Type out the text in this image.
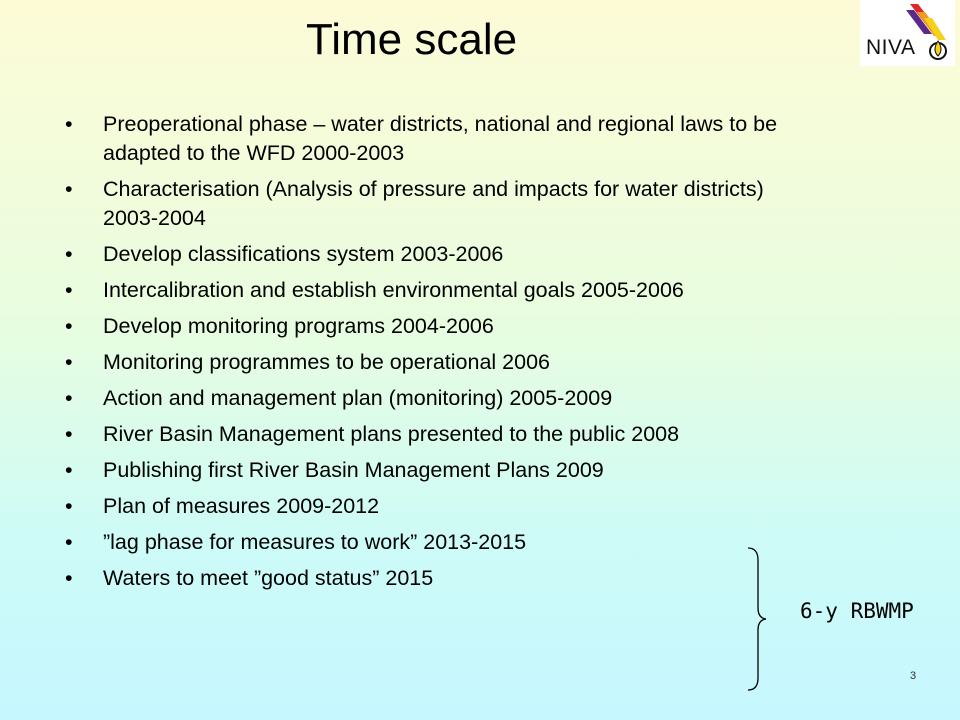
Time scale	NIVA
• Preoperational phase – water districts, national and regional laws to be adapted to the WFD 2000-2003
• Characterisation (Analysis of pressure and impacts for water districts) 2003-2004
• Develop classifications system 2003-2006
• Intercalibration and establish environmental goals 2005-2006
• Develop monitoring programs 2004-2006
• Monitoring programmes to be operational 2006
• Action and management plan (monitoring) 2005-2009
• River Basin Management plans presented to the public 2008
• Publishing first River Basin Management Plans 2009
• Plan of measures 2009-2012
• ”lag phase for measures to work” 2013-2015
• Waters to meet ”good status” 2015
6-y RBWMP
3
